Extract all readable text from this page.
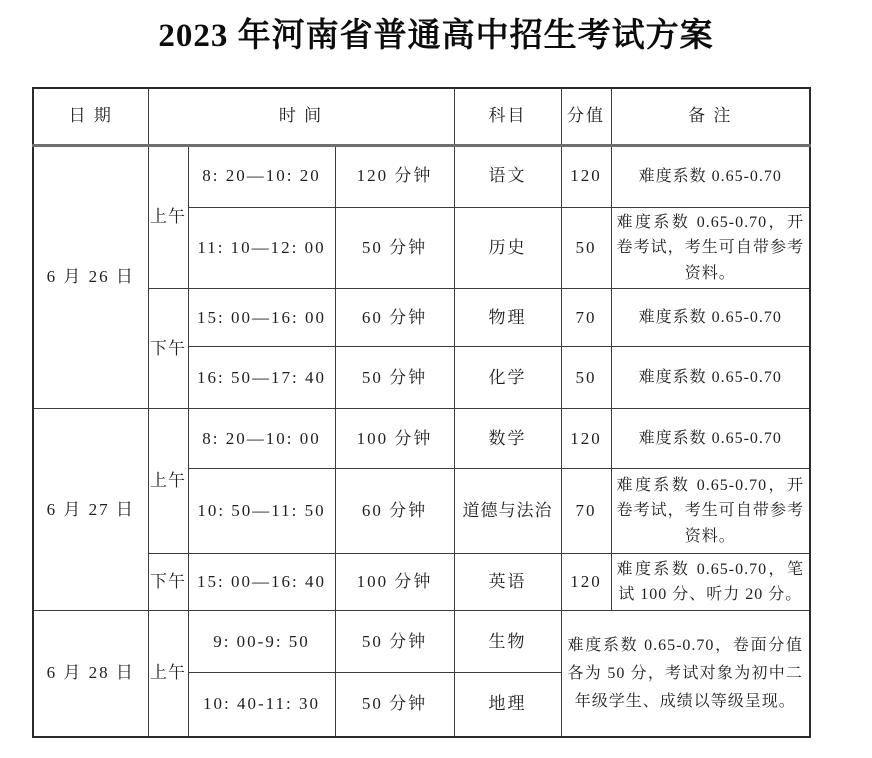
2023 年河南省普通高中招生考试方案
日 期	时 间			科目	分值	备 注
6 月 26 日	上午	8: 20—10: 20	120 分钟	语文	120	难度系数 0.65-0.70
		11: 10—12: 00	50 分钟	历史	50	难度系数 0.65-0.70，开卷考试，考生可自带参考资料。
	下午	15: 00—16: 00	60 分钟	物理	70	难度系数 0.65-0.70
		16: 50—17: 40	50 分钟	化学	50	难度系数 0.65-0.70
6 月 27 日	上午	8: 20—10: 00	100 分钟	数学	120	难度系数 0.65-0.70
		10: 50—11: 50	60 分钟	道德与法治	70	难度系数 0.65-0.70，开卷考试，考生可自带参考资料。
	下午	15: 00—16: 40	100 分钟	英语	120	难度系数 0.65-0.70，笔试 100 分、听力 20 分。
6 月 28 日	上午	9: 00-9: 50	50 分钟	生物	难度系数 0.65-0.70，卷面分值各为 50 分，考试对象为初中二年级学生、成绩以等级呈现。	
		10: 40-11: 30	50 分钟	地理		
